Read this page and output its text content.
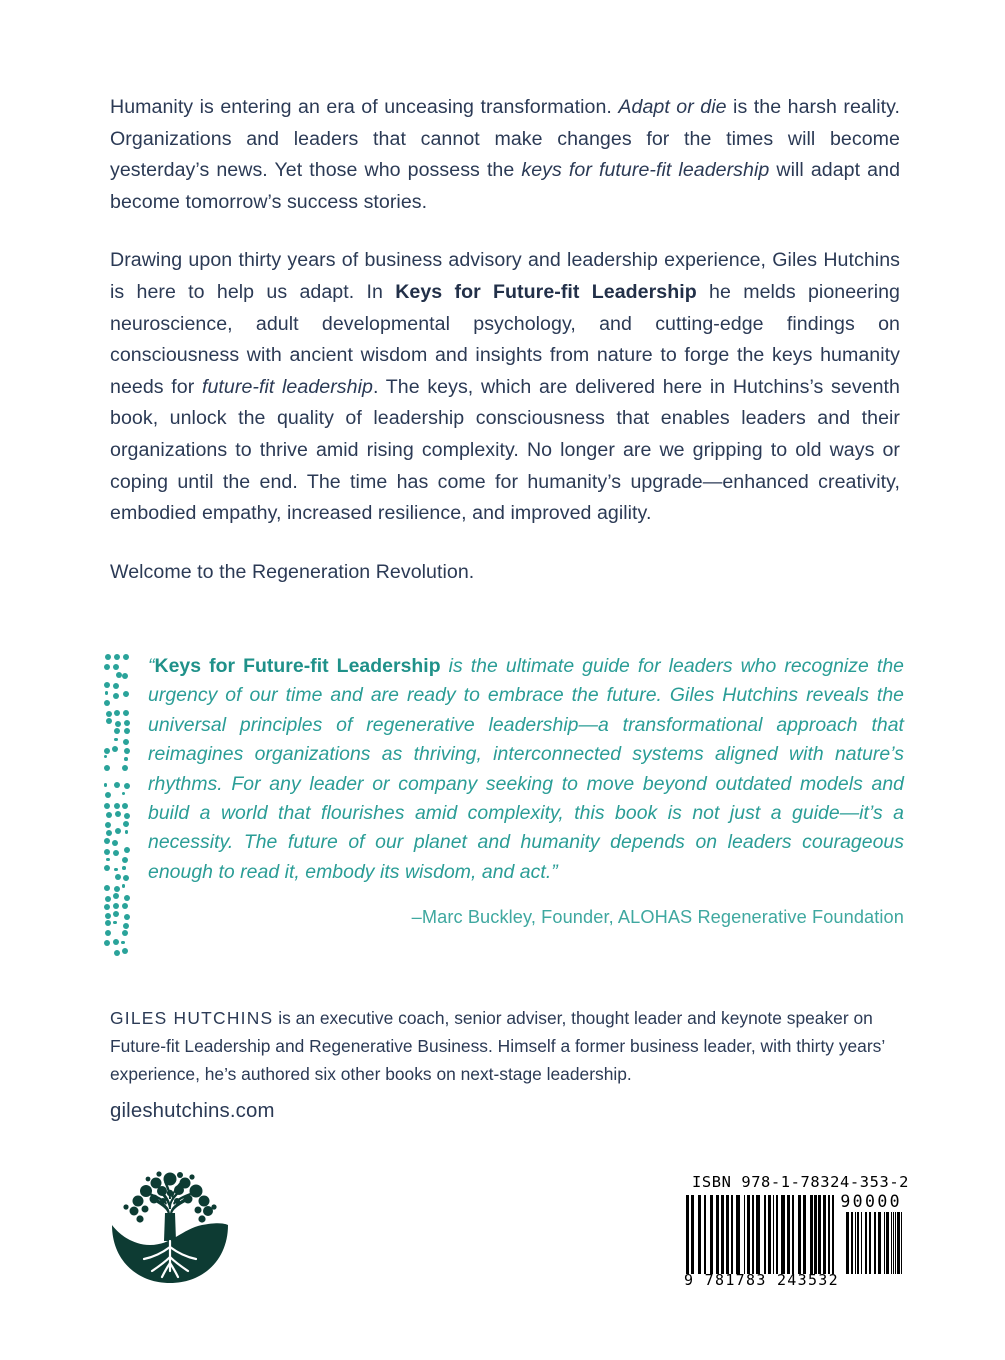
Humanity is entering an era of unceasing transformation. Adapt or die is the harsh reality. Organizations and leaders that cannot make changes for the times will become yesterday’s news. Yet those who possess the keys for future-fit leadership will adapt and become tomorrow’s success stories.

Drawing upon thirty years of business advisory and leadership experience, Giles Hutchins is here to help us adapt. In Keys for Future-fit Leadership he melds pioneering neuroscience, adult developmental psychology, and cutting-edge findings on consciousness with ancient wisdom and insights from nature to forge the keys humanity needs for future-fit leadership. The keys, which are delivered here in Hutchins’s seventh book, unlock the quality of leadership consciousness that enables leaders and their organizations to thrive amid rising complexity. No longer are we gripping to old ways or coping until the end. The time has come for humanity’s upgrade—enhanced creativity, embodied empathy, increased resilience, and improved agility.

Welcome to the Regeneration Revolution.

“Keys for Future-fit Leadership is the ultimate guide for leaders who recognize the urgency of our time and are ready to embrace the future. Giles Hutchins reveals the universal principles of regenerative leadership—a transformational approach that reimagines organizations as thriving, interconnected systems aligned with nature’s rhythms. For any leader or company seeking to move beyond outdated models and build a world that flourishes amid complexity, this book is not just a guide—it’s a necessity. The future of our planet and humanity depends on leaders courageous enough to read it, embody its wisdom, and act.”

–Marc Buckley, Founder, ALOHAS Regenerative Foundation

GILES HUTCHINS is an executive coach, senior adviser, thought leader and keynote speaker on Future-fit Leadership and Regenerative Business. Himself a former business leader, with thirty years’ experience, he’s authored six other books on next-stage leadership.

gileshutchins.com
ISBN 978-1-78324-353-2
90000
9 781783 243532
